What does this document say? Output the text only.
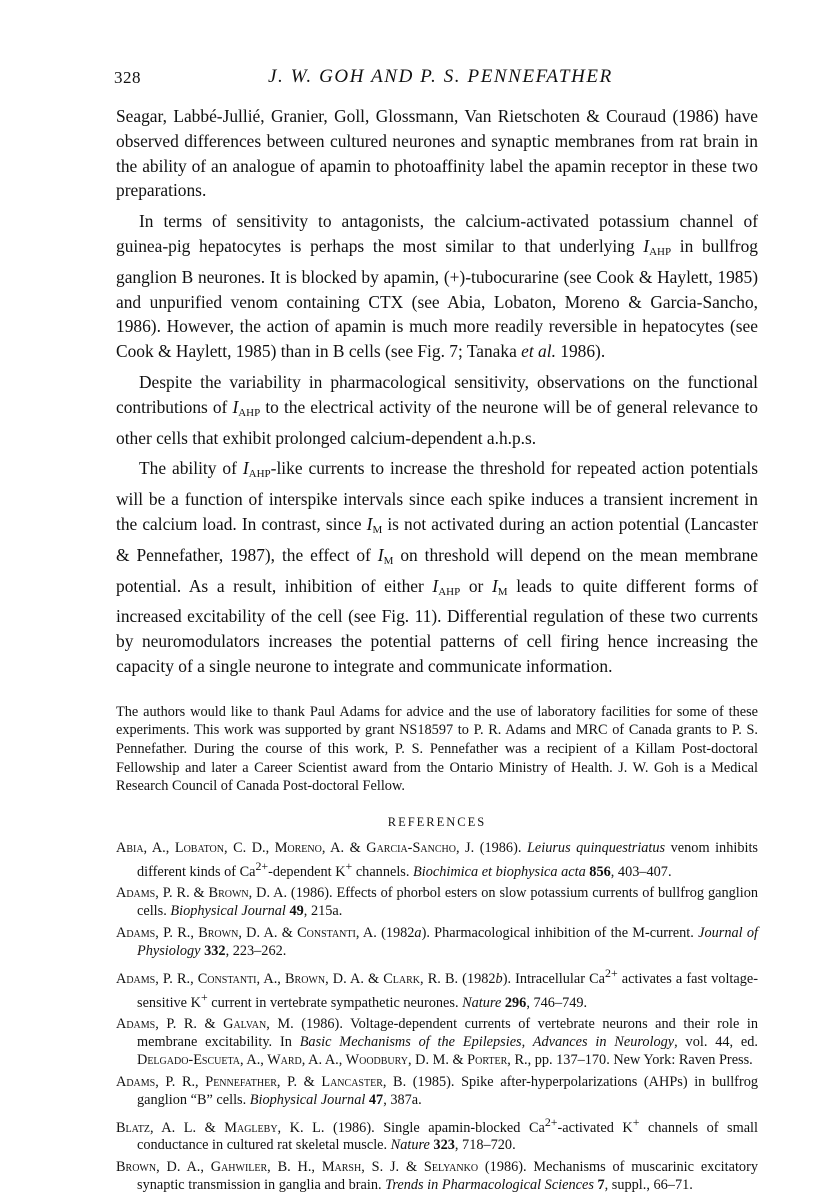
328	J. W. GOH AND P. S. PENNEFATHER

Seagar, Labbé-Jullié, Granier, Goll, Glossmann, Van Rietschoten & Couraud (1986) have observed differences between cultured neurones and synaptic membranes from rat brain in the ability of an analogue of apamin to photoaffinity label the apamin receptor in these two preparations.

In terms of sensitivity to antagonists, the calcium-activated potassium channel of guinea-pig hepatocytes is perhaps the most similar to that underlying $I_{AHP}$ in bullfrog ganglion B neurones. It is blocked by apamin, (+)-tubocurarine (see Cook & Haylett, 1985) and unpurified venom containing CTX (see Abia, Lobaton, Moreno & Garcia-Sancho, 1986). However, the action of apamin is much more readily reversible in hepatocytes (see Cook & Haylett, 1985) than in B cells (see Fig. 7; Tanaka et al. 1986).

Despite the variability in pharmacological sensitivity, observations on the functional contributions of $I_{AHP}$ to the electrical activity of the neurone will be of general relevance to other cells that exhibit prolonged calcium-dependent a.h.p.s.

The ability of $I_{AHP}$-like currents to increase the threshold for repeated action potentials will be a function of interspike intervals since each spike induces a transient increment in the calcium load. In contrast, since $I_M$ is not activated during an action potential (Lancaster & Pennefather, 1987), the effect of $I_M$ on threshold will depend on the mean membrane potential. As a result, inhibition of either $I_{AHP}$ or $I_M$ leads to quite different forms of increased excitability of the cell (see Fig. 11). Differential regulation of these two currents by neuromodulators increases the potential patterns of cell firing hence increasing the capacity of a single neurone to integrate and communicate information.

The authors would like to thank Paul Adams for advice and the use of laboratory facilities for some of these experiments. This work was supported by grant NS18597 to P. R. Adams and MRC of Canada grants to P. S. Pennefather. During the course of this work, P. S. Pennefather was a recipient of a Killam Post-doctoral Fellowship and later a Career Scientist award from the Ontario Ministry of Health. J. W. Goh is a Medical Research Council of Canada Post-doctoral Fellow.

REFERENCES
Abia, A., Lobaton, C. D., Moreno, A. & Garcia-Sancho, J. (1986). Leiurus quinquestriatus venom inhibits different kinds of $Ca^{2+}$-dependent K+ channels. Biochimica et biophysica acta 856, 403–407.
Adams, P. R. & Brown, D. A. (1986). Effects of phorbol esters on slow potassium currents of bullfrog ganglion cells. Biophysical Journal 49, 215a.
Adams, P. R., Brown, D. A. & Constanti, A. (1982a). Pharmacological inhibition of the M-current. Journal of Physiology 332, 223–262.
Adams, P. R., Constanti, A., Brown, D. A. & Clark, R. B. (1982b). Intracellular $Ca^{2+}$ activates a fast voltage-sensitive K+ current in vertebrate sympathetic neurones. Nature 296, 746–749.
Adams, P. R. & Galvan, M. (1986). Voltage-dependent currents of vertebrate neurons and their role in membrane excitability. In Basic Mechanisms of the Epilepsies, Advances in Neurology, vol. 44, ed. Delgado-Escueta, A., Ward, A. A., Woodbury, D. M. & Porter, R., pp. 137–170. New York: Raven Press.
Adams, P. R., Pennefather, P. & Lancaster, B. (1985). Spike after-hyperpolarizations (AHPs) in bullfrog ganglion “B” cells. Biophysical Journal 47, 387a.
Blatz, A. L. & Magleby, K. L. (1986). Single apamin-blocked $Ca^{2+}$-activated K+ channels of small conductance in cultured rat skeletal muscle. Nature 323, 718–720.
Brown, D. A., Gahwiler, B. H., Marsh, S. J. & Selyanko (1986). Mechanisms of muscarinic excitatory synaptic transmission in ganglia and brain. Trends in Pharmacological Sciences 7, suppl., 66–71.
